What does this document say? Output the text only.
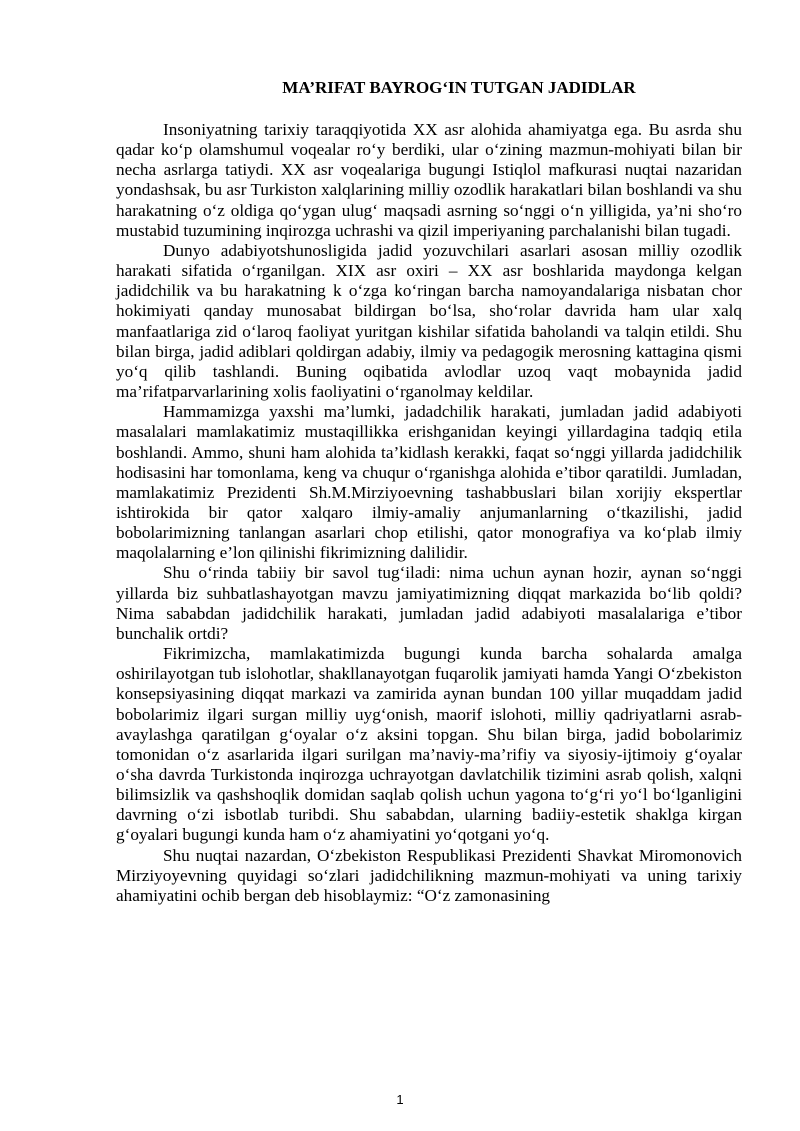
MA’RIFAT BAYROG‘IN TUTGAN JADIDLAR

Insoniyatning tarixiy taraqqiyotida XX asr alohida ahamiyatga ega. Bu asrda shu qadar ko‘p olamshumul voqealar ro‘y berdiki, ular o‘zining mazmun-mohiyati bilan bir necha asrlarga tatiydi. XX asr voqealariga bugungi Istiqlol mafkurasi nuqtai nazaridan yondashsak, bu asr Turkiston xalqlarining milliy ozodlik harakatlari bilan boshlandi va shu harakatning o‘z oldiga qo‘ygan ulug‘ maqsadi asrning so‘nggi o‘n yilligida, ya’ni sho‘ro mustabid tuzumining inqirozga uchrashi va qizil imperiyaning parchalanishi bilan tugadi.

Dunyo adabiyotshunosligida jadid yozuvchilari asarlari asosan milliy ozodlik harakati sifatida o‘rganilgan. XIX asr oxiri – XX asr boshlarida maydonga kelgan jadidchilik va bu harakatning k o‘zga ko‘ringan barcha namoyandalariga nisbatan chor hokimiyati qanday munosabat bildirgan bo‘lsa, sho‘rolar davrida ham ular xalq manfaatlariga zid o‘laroq faoliyat yuritgan kishilar sifatida baholandi va talqin etildi. Shu bilan birga, jadid adiblari qoldirgan adabiy, ilmiy va pedagogik merosning kattagina qismi yo‘q qilib tashlandi. Buning oqibatida avlodlar uzoq vaqt mobaynida jadid ma’rifatparvarlarining xolis faoliyatini o‘rganolmay keldilar.

Hammamizga yaxshi ma’lumki, jadadchilik harakati, jumladan jadid adabiyoti masalalari mamlakatimiz mustaqillikka erishganidan keyingi yillardagina tadqiq etila boshlandi. Ammo, shuni ham alohida ta’kidlash kerakki, faqat so‘nggi yillarda jadidchilik hodisasini har tomonlama, keng va chuqur o‘rganishga alohida e’tibor qaratildi. Jumladan, mamlakatimiz Prezidenti Sh.M.Mirziyoevning tashabbuslari bilan xorijiy ekspertlar ishtirokida bir qator xalqaro ilmiy-amaliy anjumanlarning o‘tkazilishi, jadid bobolarimizning tanlangan asarlari chop etilishi, qator monografiya va ko‘plab ilmiy maqolalarning e’lon qilinishi fikrimizning dalilidir.

Shu o‘rinda tabiiy bir savol tug‘iladi: nima uchun aynan hozir, aynan so‘nggi yillarda biz suhbatlashayotgan mavzu jamiyatimizning diqqat markazida bo‘lib qoldi? Nima sababdan jadidchilik harakati, jumladan jadid adabiyoti masalalariga e’tibor bunchalik ortdi?

Fikrimizcha, mamlakatimizda bugungi kunda barcha sohalarda amalga oshirilayotgan tub islohotlar, shakllanayotgan fuqarolik jamiyati hamda Yangi O‘zbekiston konsepsiyasining diqqat markazi va zamirida aynan bundan 100 yillar muqaddam jadid bobolarimiz ilgari surgan milliy uyg‘onish, maorif islohoti, milliy qadriyatlarni asrab-avaylashga qaratilgan g‘oyalar o‘z aksini topgan. Shu bilan birga, jadid bobolarimiz tomonidan o‘z asarlarida ilgari surilgan ma’naviy-ma’rifiy va siyosiy-ijtimoiy g‘oyalar o‘sha davrda Turkistonda inqirozga uchrayotgan davlatchilik tizimini asrab qolish, xalqni bilimsizlik va qashshoqlik domidan saqlab qolish uchun yagona to‘g‘ri yo‘l bo‘lganligini davrning o‘zi isbotlab turibdi. Shu sababdan, ularning badiiy-estetik shaklga kirgan g‘oyalari bugungi kunda ham o‘z ahamiyatini yo‘qotgani yo‘q.

Shu nuqtai nazardan, O‘zbekiston Respublikasi Prezidenti Shavkat Miromonovich Mirziyoyevning quyidagi so‘zlari jadidchilikning mazmun-mohiyati va uning tarixiy ahamiyatini ochib bergan deb hisoblaymiz: “O‘z zamonasining

1
